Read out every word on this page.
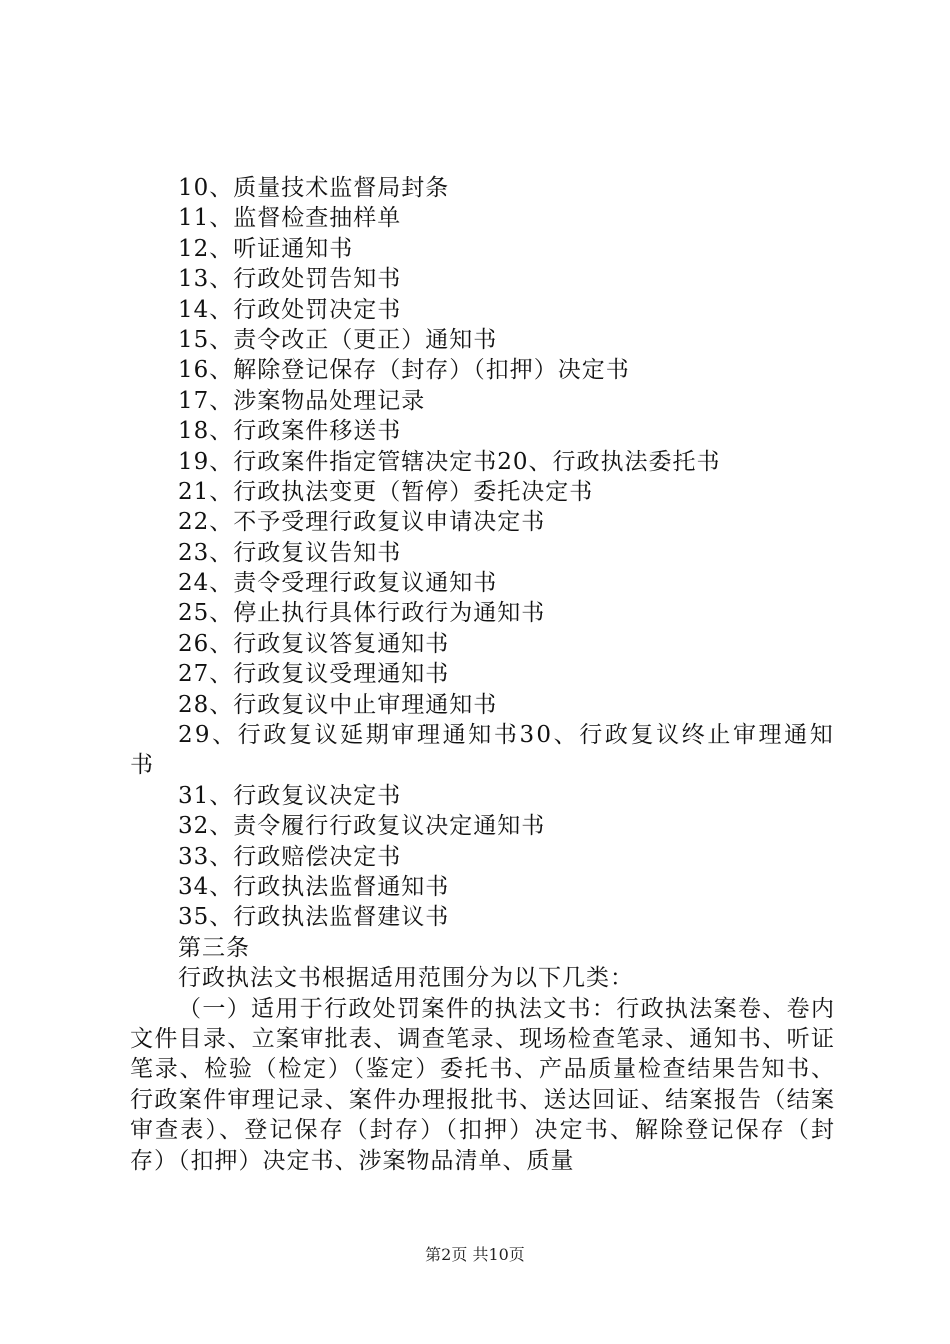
10、质量技术监督局封条
11、监督检查抽样单
12、听证通知书
13、行政处罚告知书
14、行政处罚决定书
15、责令改正（更正）通知书
16、解除登记保存（封存）（扣押）决定书
17、涉案物品处理记录
18、行政案件移送书
19、行政案件指定管辖决定书20、行政执法委托书
21、行政执法变更（暂停）委托决定书
22、不予受理行政复议申请决定书
23、行政复议告知书
24、责令受理行政复议通知书
25、停止执行具体行政行为通知书
26、行政复议答复通知书
27、行政复议受理通知书
28、行政复议中止审理通知书
29、行政复议延期审理通知书30、行政复议终止审理通知书
31、行政复议决定书
32、责令履行行政复议决定通知书
33、行政赔偿决定书
34、行政执法监督通知书
35、行政执法监督建议书
第三条
行政执法文书根据适用范围分为以下几类：
（一）适用于行政处罚案件的执法文书：行政执法案卷、卷内文件目录、立案审批表、调查笔录、现场检查笔录、通知书、听证笔录、检验（检定）（鉴定）委托书、产品质量检查结果告知书、行政案件审理记录、案件办理报批书、送达回证、结案报告（结案审查表）、登记保存（封存）（扣押）决定书、解除登记保存（封存）（扣押）决定书、涉案物品清单、质量
第2页 共10页
